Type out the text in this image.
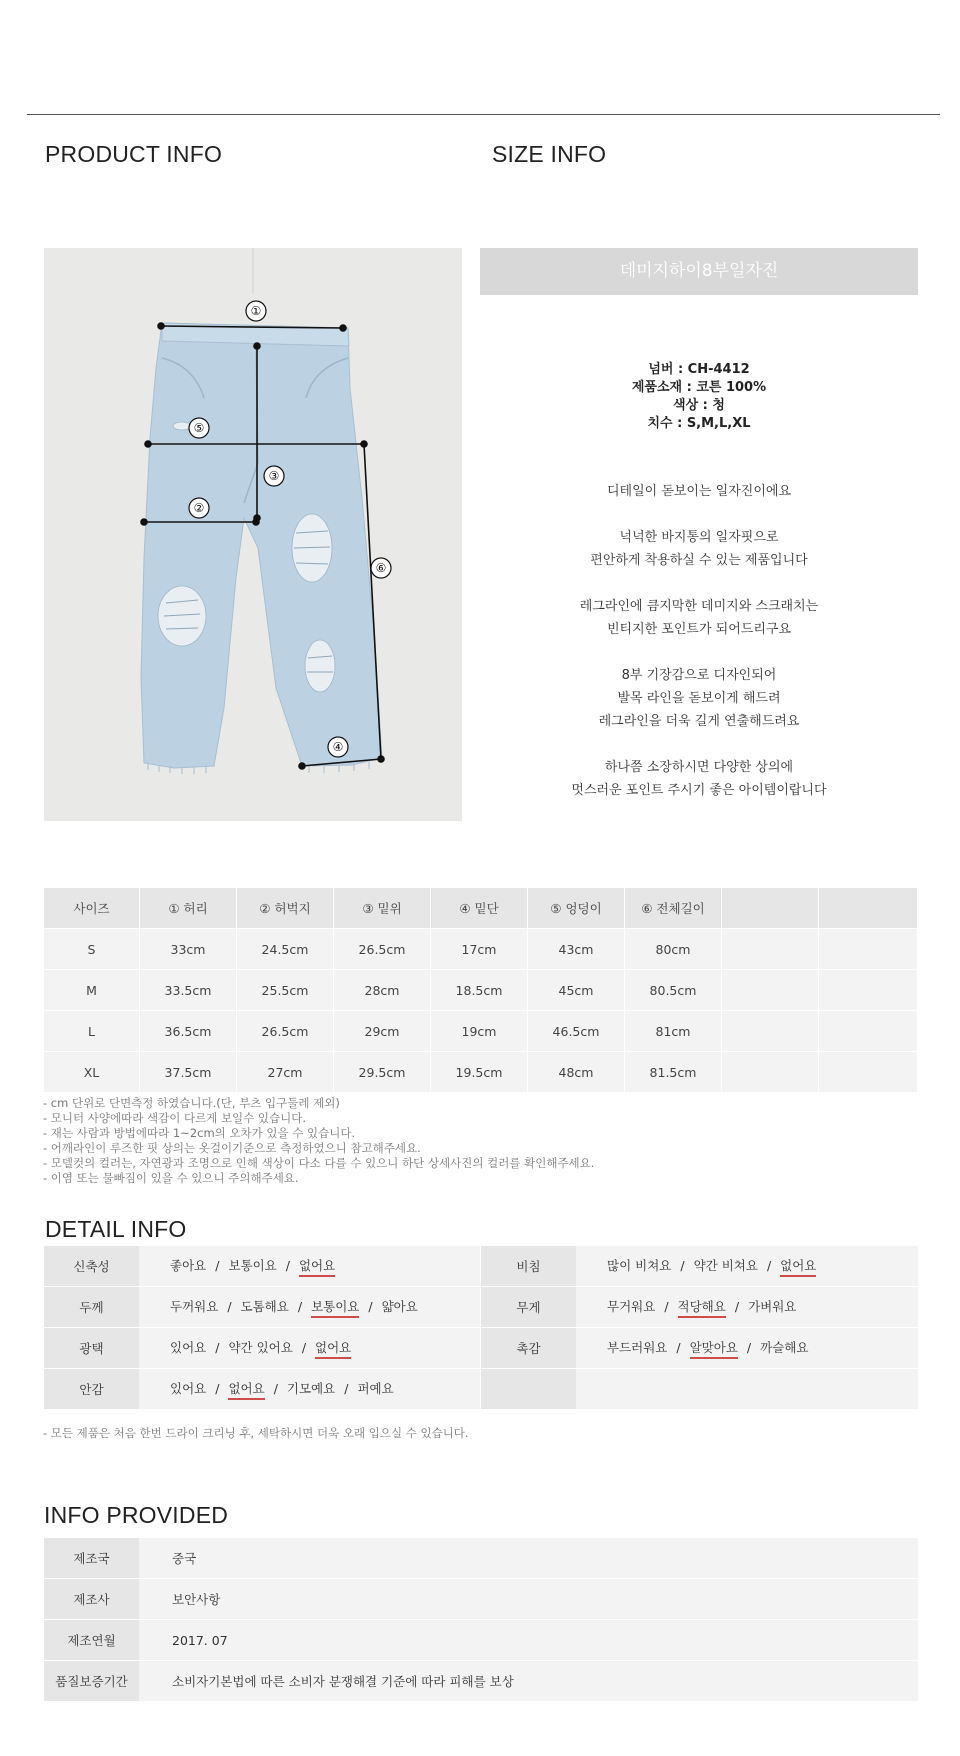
PRODUCT INFO	SIZE INFO
①
⑤
③
②
⑥
④
데미지하이8부일자진
넘버 : CH-4412
제품소재 : 코튼 100%
색상 : 청
치수 : S,M,L,XL
디테일이 돋보이는 일자진이에요
넉넉한 바지통의 일자핏으로
편안하게 착용하실 수 있는 제품입니다
레그라인에 큼지막한 데미지와 스크래치는
빈티지한 포인트가 되어드리구요
8부 기장감으로 디자인되어
발목 라인을 돋보이게 해드려
레그라인을 더욱 길게 연출해드려요
하나쯤 소장하시면 다양한 상의에
멋스러운 포인트 주시기 좋은 아이템이랍니다
사이즈	① 허리	② 허벅지	③ 밑위	④ 밑단	⑤ 엉덩이	⑥ 전체길이		
S	33cm	24.5cm	26.5cm	17cm	43cm	80cm		
M	33.5cm	25.5cm	28cm	18.5cm	45cm	80.5cm		
L	36.5cm	26.5cm	29cm	19cm	46.5cm	81cm		
XL	37.5cm	27cm	29.5cm	19.5cm	48cm	81.5cm		
- cm 단위로 단면측정 하였습니다.(단, 부츠 입구둘레 제외)
- 모니터 사양에따라 색감이 다르게 보일수 있습니다.
- 재는 사람과 방법에따라 1~2cm의 오차가 있을 수 있습니다.
- 어깨라인이 루즈한 핏 상의는 옷걸이기준으로 측정하였으니 참고해주세요.
- 모델컷의 컬러는, 자연광과 조명으로 인해 색상이 다소 다를 수 있으니 하단 상세사진의 컬러를 확인해주세요.
- 이염 또는 물빠짐이 있을 수 있으니 주의해주세요.
DETAIL INFO
신축성	좋아요 / 보통이요 / 없어요	비침	많이 비쳐요 / 약간 비쳐요 / 없어요
두께	두꺼워요 / 도톰해요 / 보통이요 / 얇아요	무게	무거워요 / 적당해요 / 가벼워요
광택	있어요 / 약간 있어요 / 없어요	촉감	부드러워요 / 알맞아요 / 까슬해요
안감	있어요 / 없어요 / 기모예요 / 퍼예요		
- 모든 제품은 처음 한번 드라이 크리닝 후, 세탁하시면 더욱 오래 입으실 수 있습니다.
INFO PROVIDED
제조국	중국
제조사	보안사항
제조연월	2017. 07
품질보증기간	소비자기본법에 따른 소비자 분쟁해결 기준에 따라 피해를 보상
